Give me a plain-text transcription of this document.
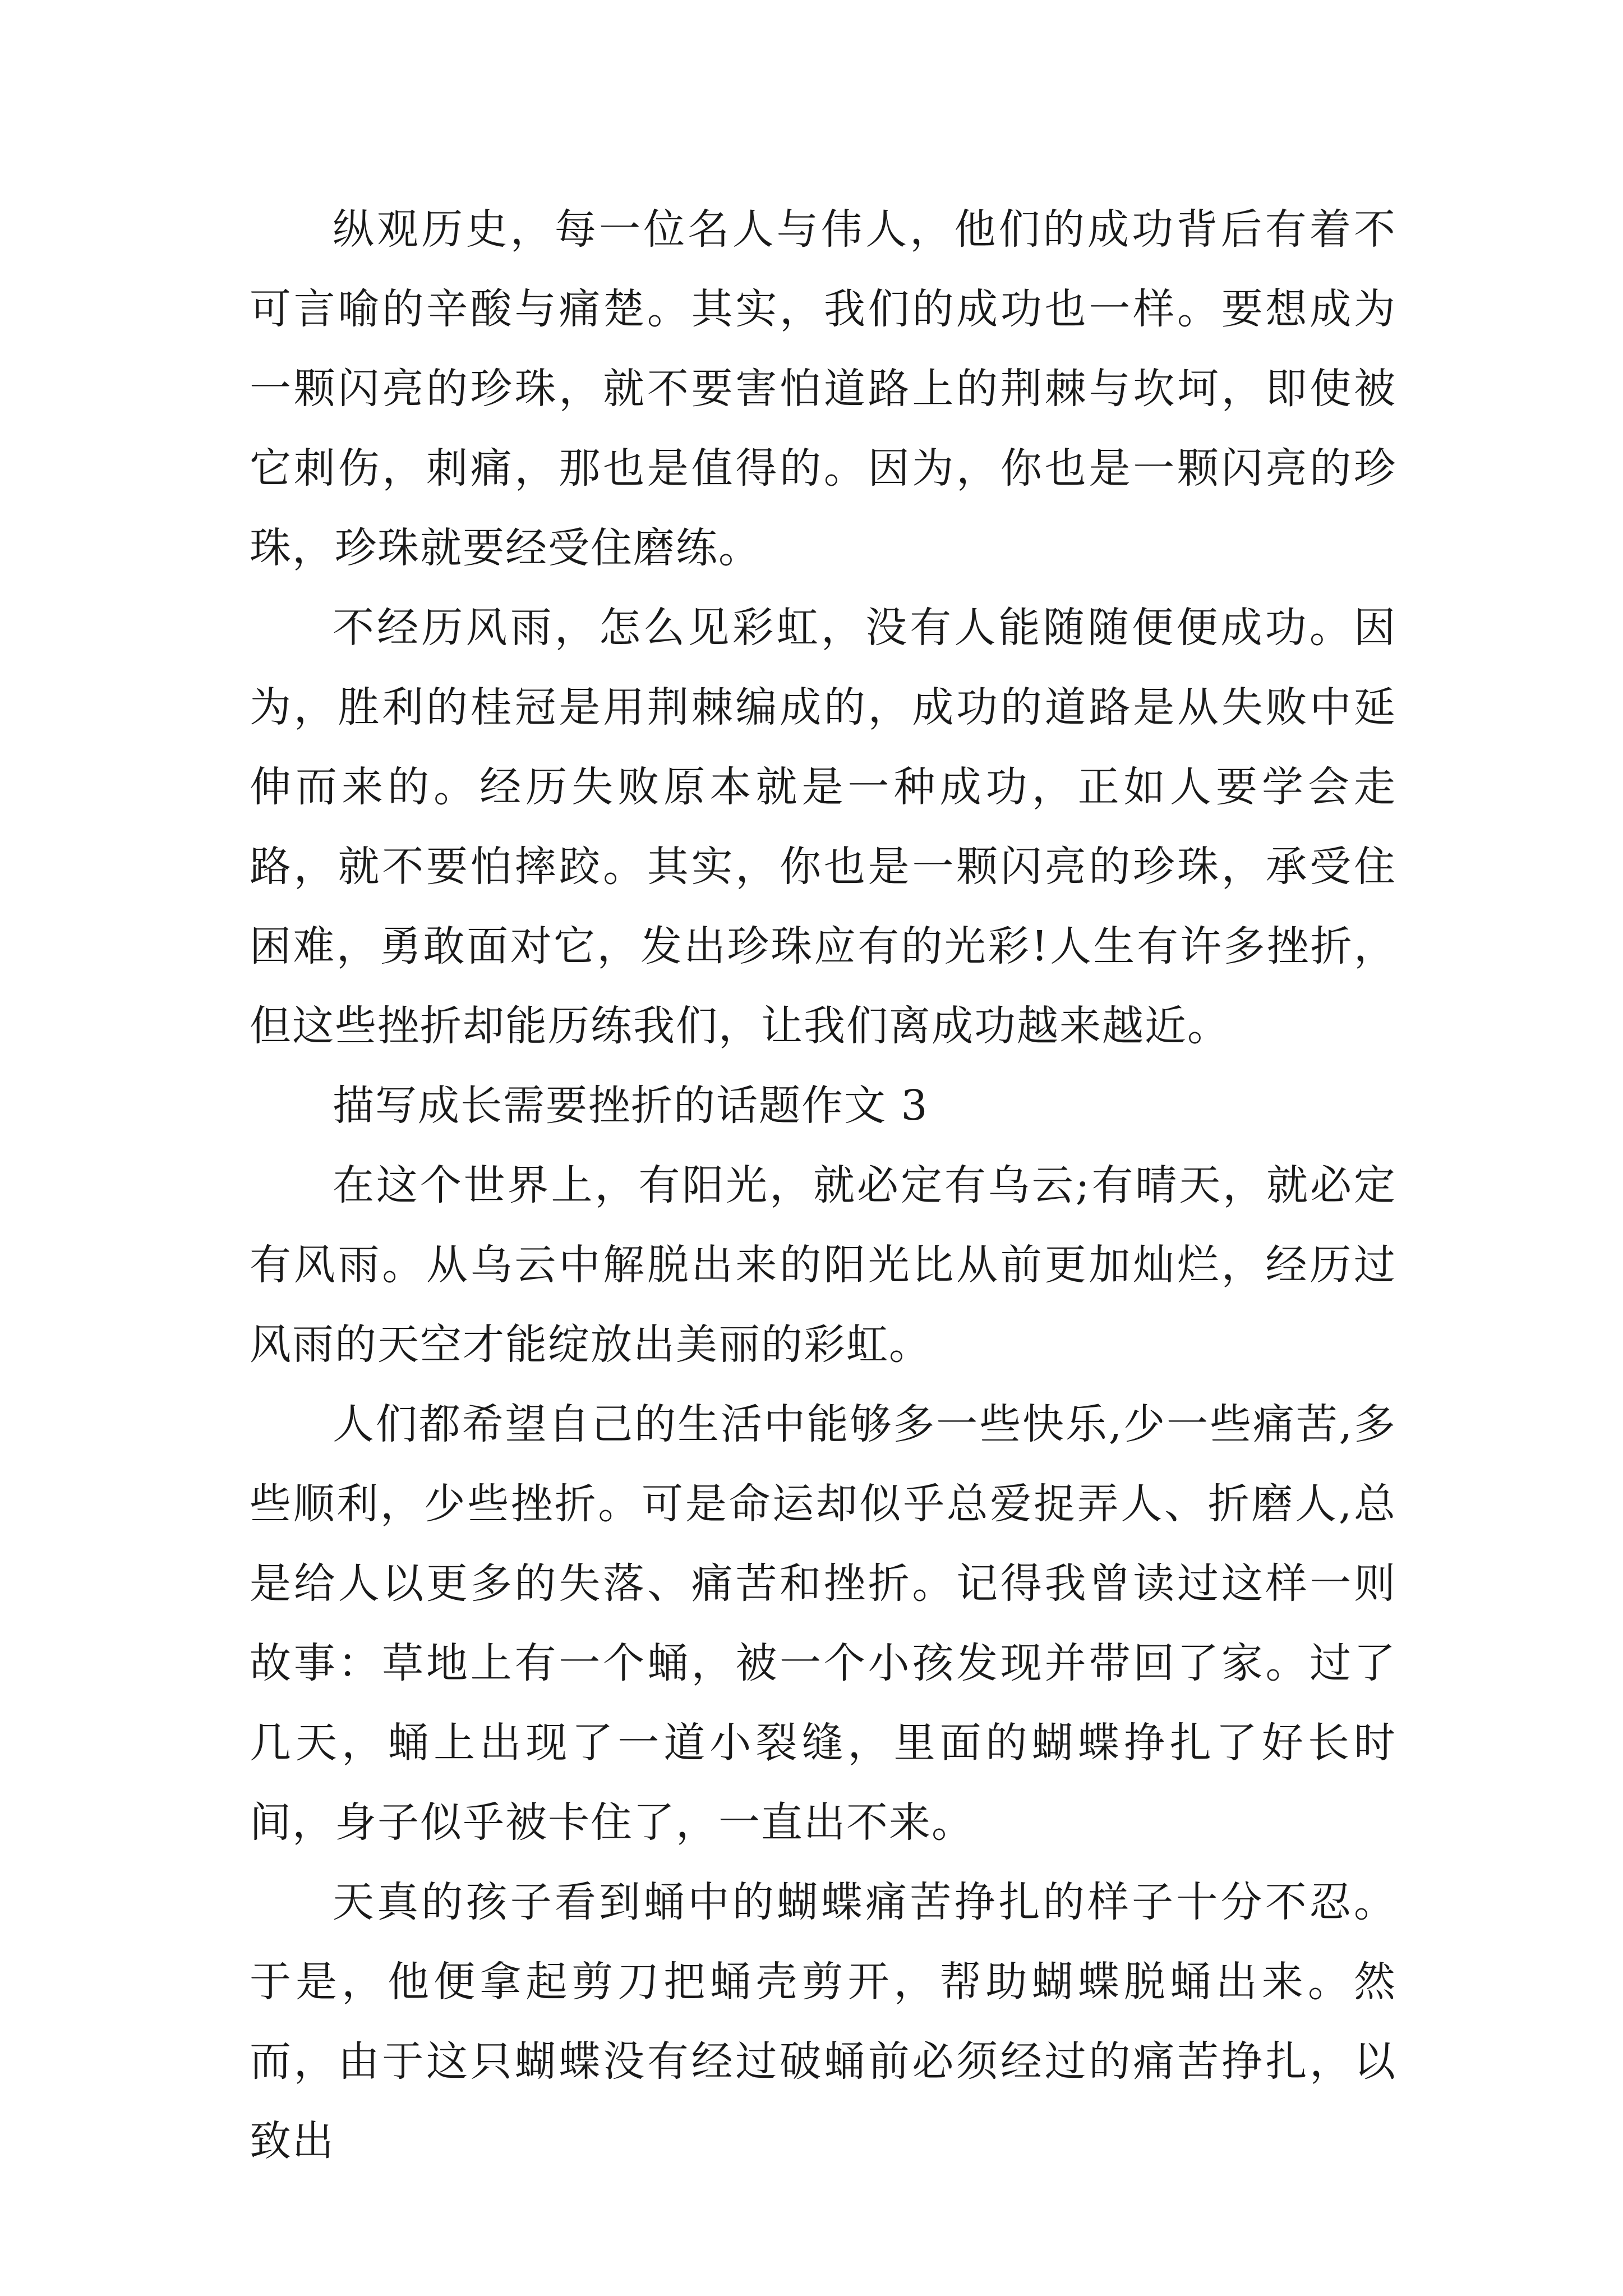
纵观历史，每一位名人与伟人，他们的成功背后有着不可言喻的辛酸与痛楚。其实，我们的成功也一样。要想成为一颗闪亮的珍珠，就不要害怕道路上的荆棘与坎坷，即使被它刺伤，刺痛，那也是值得的。因为，你也是一颗闪亮的珍珠，珍珠就要经受住磨练。

不经历风雨，怎么见彩虹，没有人能随随便便成功。因为，胜利的桂冠是用荆棘编成的，成功的道路是从失败中延伸而来的。经历失败原本就是一种成功，正如人要学会走路，就不要怕摔跤。其实，你也是一颗闪亮的珍珠，承受住困难，勇敢面对它，发出珍珠应有的光彩!人生有许多挫折，但这些挫折却能历练我们，让我们离成功越来越近。

描写成长需要挫折的话题作文 3

在这个世界上，有阳光，就必定有乌云;有晴天，就必定有风雨。从乌云中解脱出来的阳光比从前更加灿烂，经历过风雨的天空才能绽放出美丽的彩虹。

人们都希望自己的生活中能够多一些快乐,少一些痛苦,多些顺利，少些挫折。可是命运却似乎总爱捉弄人、折磨人,总是给人以更多的失落、痛苦和挫折。记得我曾读过这样一则故事：草地上有一个蛹，被一个小孩发现并带回了家。过了几天，蛹上出现了一道小裂缝，里面的蝴蝶挣扎了好长时间，身子似乎被卡住了，一直出不来。

天真的孩子看到蛹中的蝴蝶痛苦挣扎的样子十分不忍。于是，他便拿起剪刀把蛹壳剪开，帮助蝴蝶脱蛹出来。然而，由于这只蝴蝶没有经过破蛹前必须经过的痛苦挣扎，以致出
